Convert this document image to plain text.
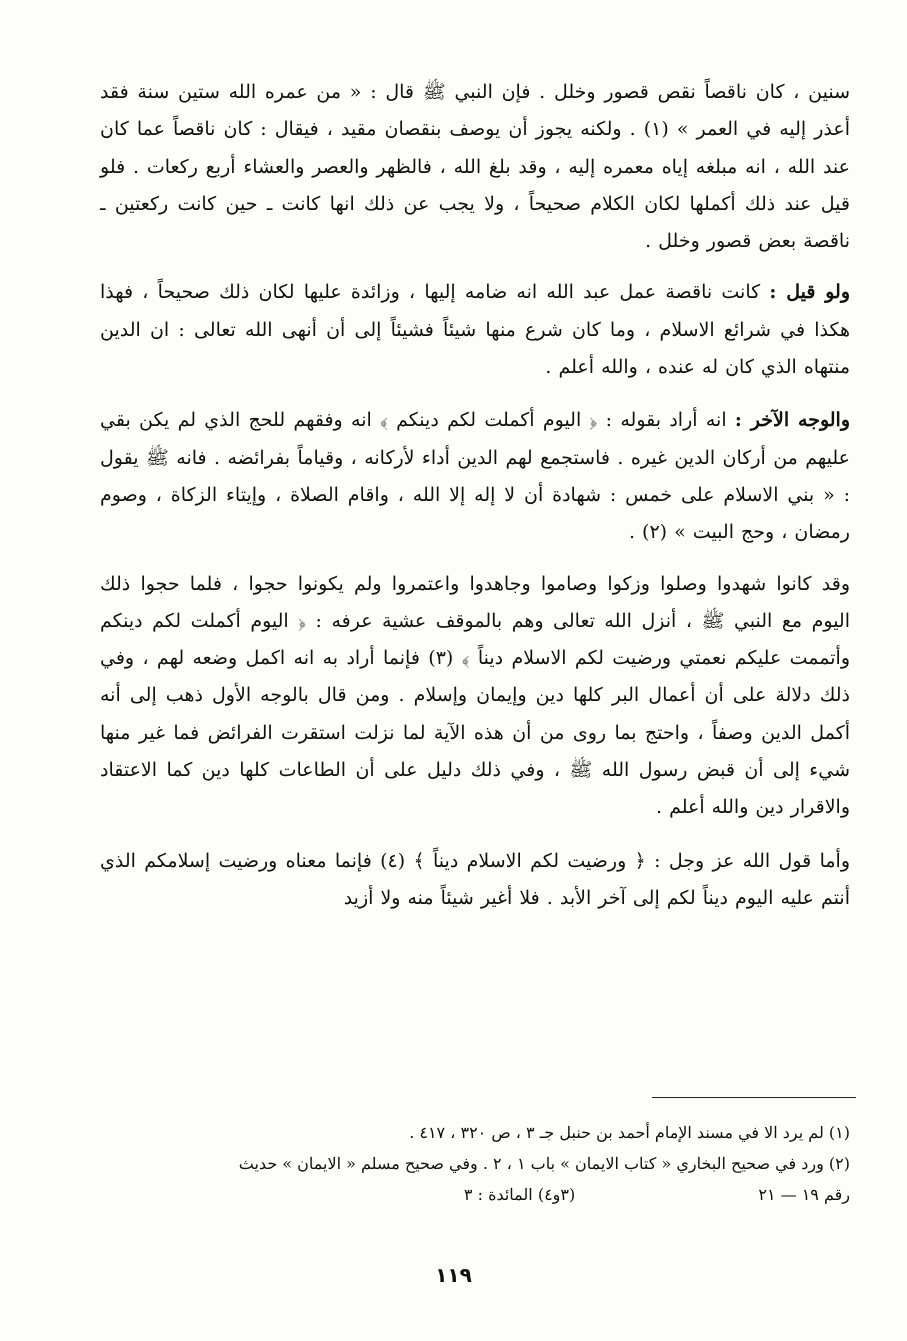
سنين ، كان ناقصاً نقص قصور وخلل . فإن النبي ﷺ قال : « من عمره الله ستين سنة فقد أعذر إليه في العمر » (١) . ولكنه يجوز أن يوصف بنقصان مقيد ، فيقال : كان ناقصاً عما كان عند الله ، انه مبلغه إياه معمره إليه ، وقد بلغ الله ، فالظهر والعصر والعشاء أربع ركعات . فلو قيل عند ذلك أكملها لكان الكلام صحيحاً ، ولا يجب عن ذلك انها كانت ـ حين كانت ركعتين ـ ناقصة بعض قصور وخلل .

ولو قيل : كانت ناقصة عمل عبد الله انه ضامه إليها ، وزائدة عليها لكان ذلك صحيحاً ، فهذا هكذا في شرائع الاسلام ، وما كان شرع منها شيئاً فشيئاً إلى أن أنهى الله تعالى : ان الدين منتهاه الذي كان له عنده ، والله أعلم .

والوجه الآخر : انه أراد بقوله : ﴿ اليوم أكملت لكم دينكم ﴾ انه وفقهم للحج الذي لم يكن بقي عليهم من أركان الدين غيره . فاستجمع لهم الدين أداء لأركانه ، وقياماً بفرائضه . فانه ﷺ يقول : « بني الاسلام على خمس : شهادة أن لا إله إلا الله ، واقام الصلاة ، وإيتاء الزكاة ، وصوم رمضان ، وحج البيت » (٢) .

وقد كانوا شهدوا وصلوا وزكوا وصاموا وجاهدوا واعتمروا ولم يكونوا حجوا ، فلما حجوا ذلك اليوم مع النبي ﷺ ، أنزل الله تعالى وهم بالموقف عشية عرفه : ﴿ اليوم أكملت لكم دينكم وأتممت عليكم نعمتي ورضيت لكم الاسلام ديناً ﴾ (٣) فإنما أراد به انه اكمل وضعه لهم ، وفي ذلك دلالة على أن أعمال البر كلها دين وإيمان وإسلام . ومن قال بالوجه الأول ذهب إلى أنه أكمل الدين وصفاً ، واحتج بما روى من أن هذه الآية لما نزلت استقرت الفرائض فما غير منها شيء إلى أن قبض رسول الله ﷺ ، وفي ذلك دليل على أن الطاعات كلها دين كما الاعتقاد والاقرار دين والله أعلم .

وأما قول الله عز وجل : ﴿ ورضيت لكم الاسلام ديناً ﴾ (٤) فإنما معناه ورضيت إسلامكم الذي أنتم عليه اليوم ديناً لكم إلى آخر الأبد . فلا أغير شيئاً منه ولا أزيد

(١) لم يرد الا في مسند الإمام أحمد بن حنبل جـ ٣ ، ص ٣٢٠ ، ٤١٧ .

(٢) ورد في صحيح البخاري « كتاب الايمان » باب ١ ، ٢ . وفي صحيح مسلم « الايمان » حديث

رقم ١٩ — ٢١                                    (٣و٤) المائدة : ٣

١١٩
